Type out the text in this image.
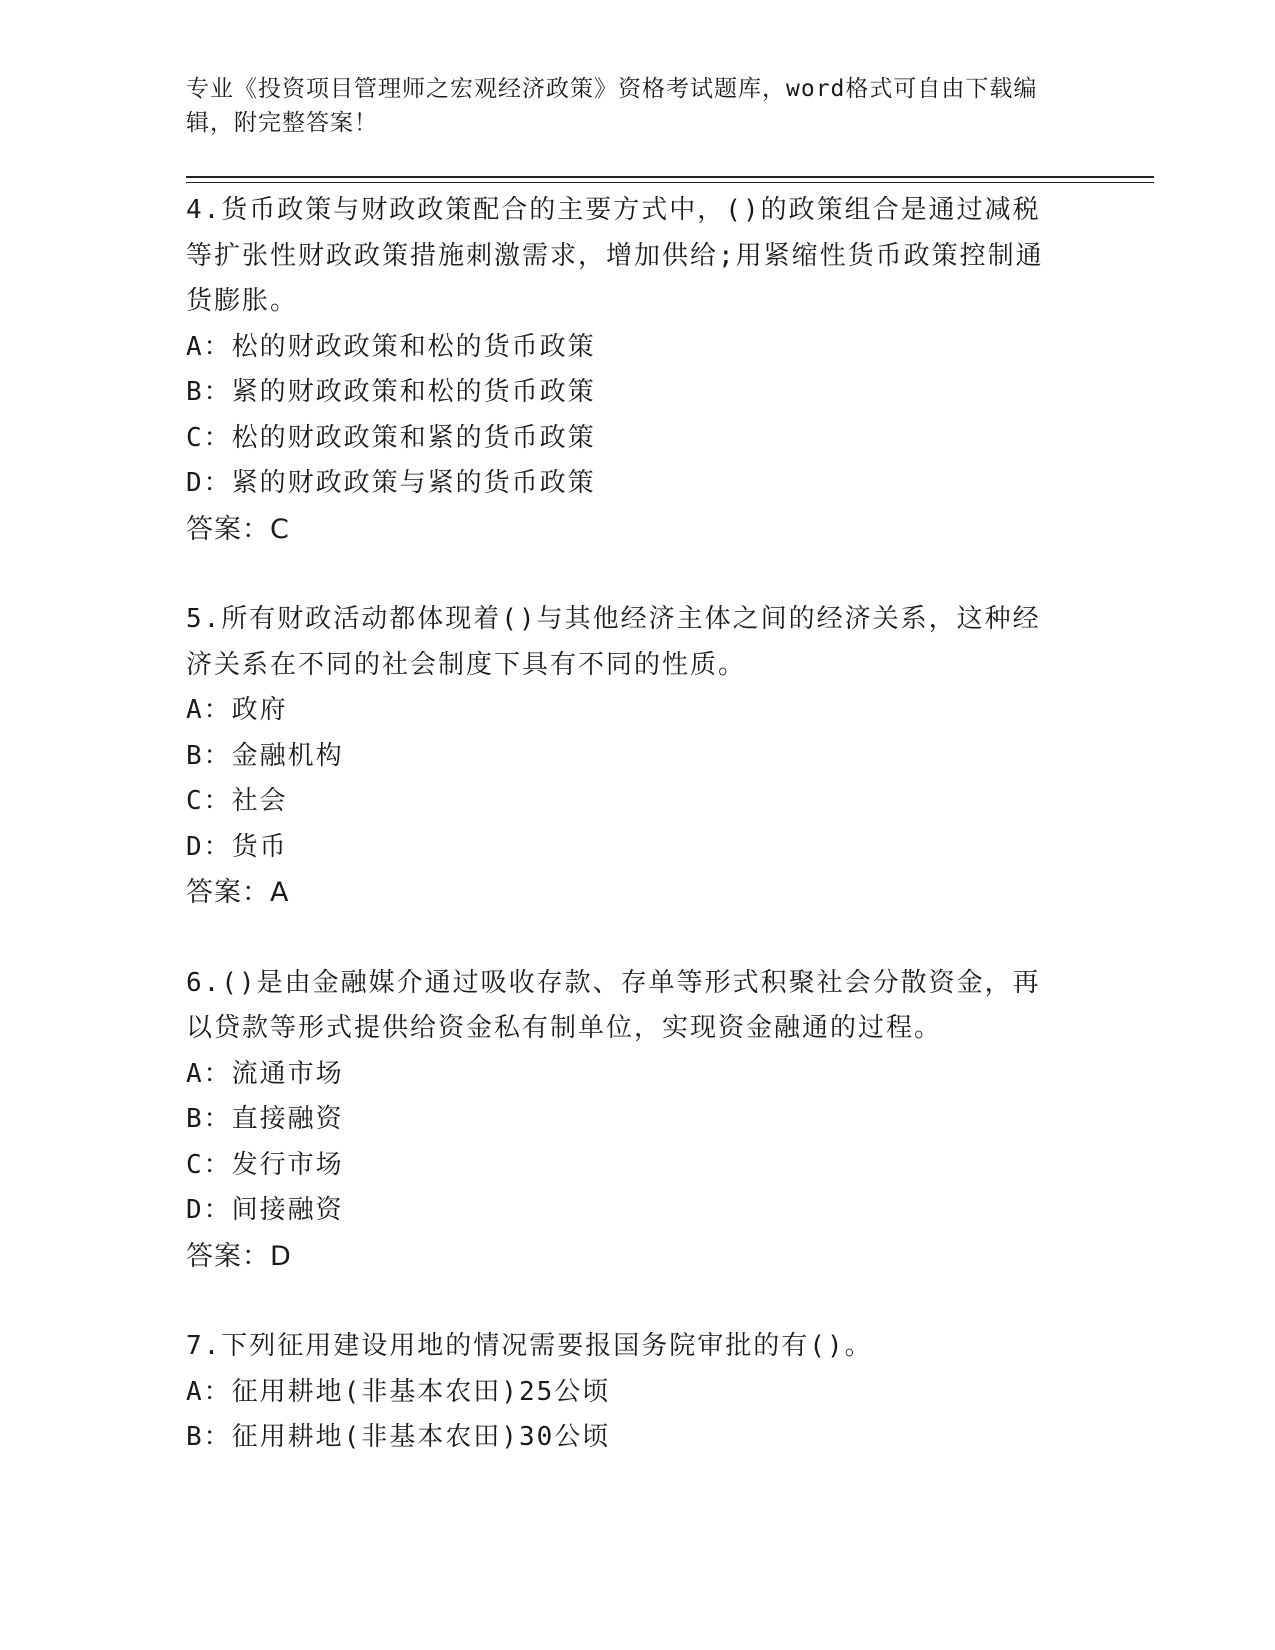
专业《投资项目管理师之宏观经济政策》资格考试题库，word格式可自由下载编
辑，附完整答案！

4.货币政策与财政政策配合的主要方式中，()的政策组合是通过减税

等扩张性财政政策措施刺激需求，增加供给;用紧缩性货币政策控制通

货膨胀。

A：松的财政政策和松的货币政策

B：紧的财政政策和松的货币政策

C：松的财政政策和紧的货币政策

D：紧的财政政策与紧的货币政策

答案：C

5.所有财政活动都体现着()与其他经济主体之间的经济关系，这种经

济关系在不同的社会制度下具有不同的性质。

A：政府

B：金融机构

C：社会

D：货币

答案：A

6.()是由金融媒介通过吸收存款、存单等形式积聚社会分散资金，再

以贷款等形式提供给资金私有制单位，实现资金融通的过程。

A：流通市场

B：直接融资

C：发行市场

D：间接融资

答案：D

7.下列征用建设用地的情况需要报国务院审批的有()。

A：征用耕地(非基本农田)25公顷

B：征用耕地(非基本农田)30公顷
